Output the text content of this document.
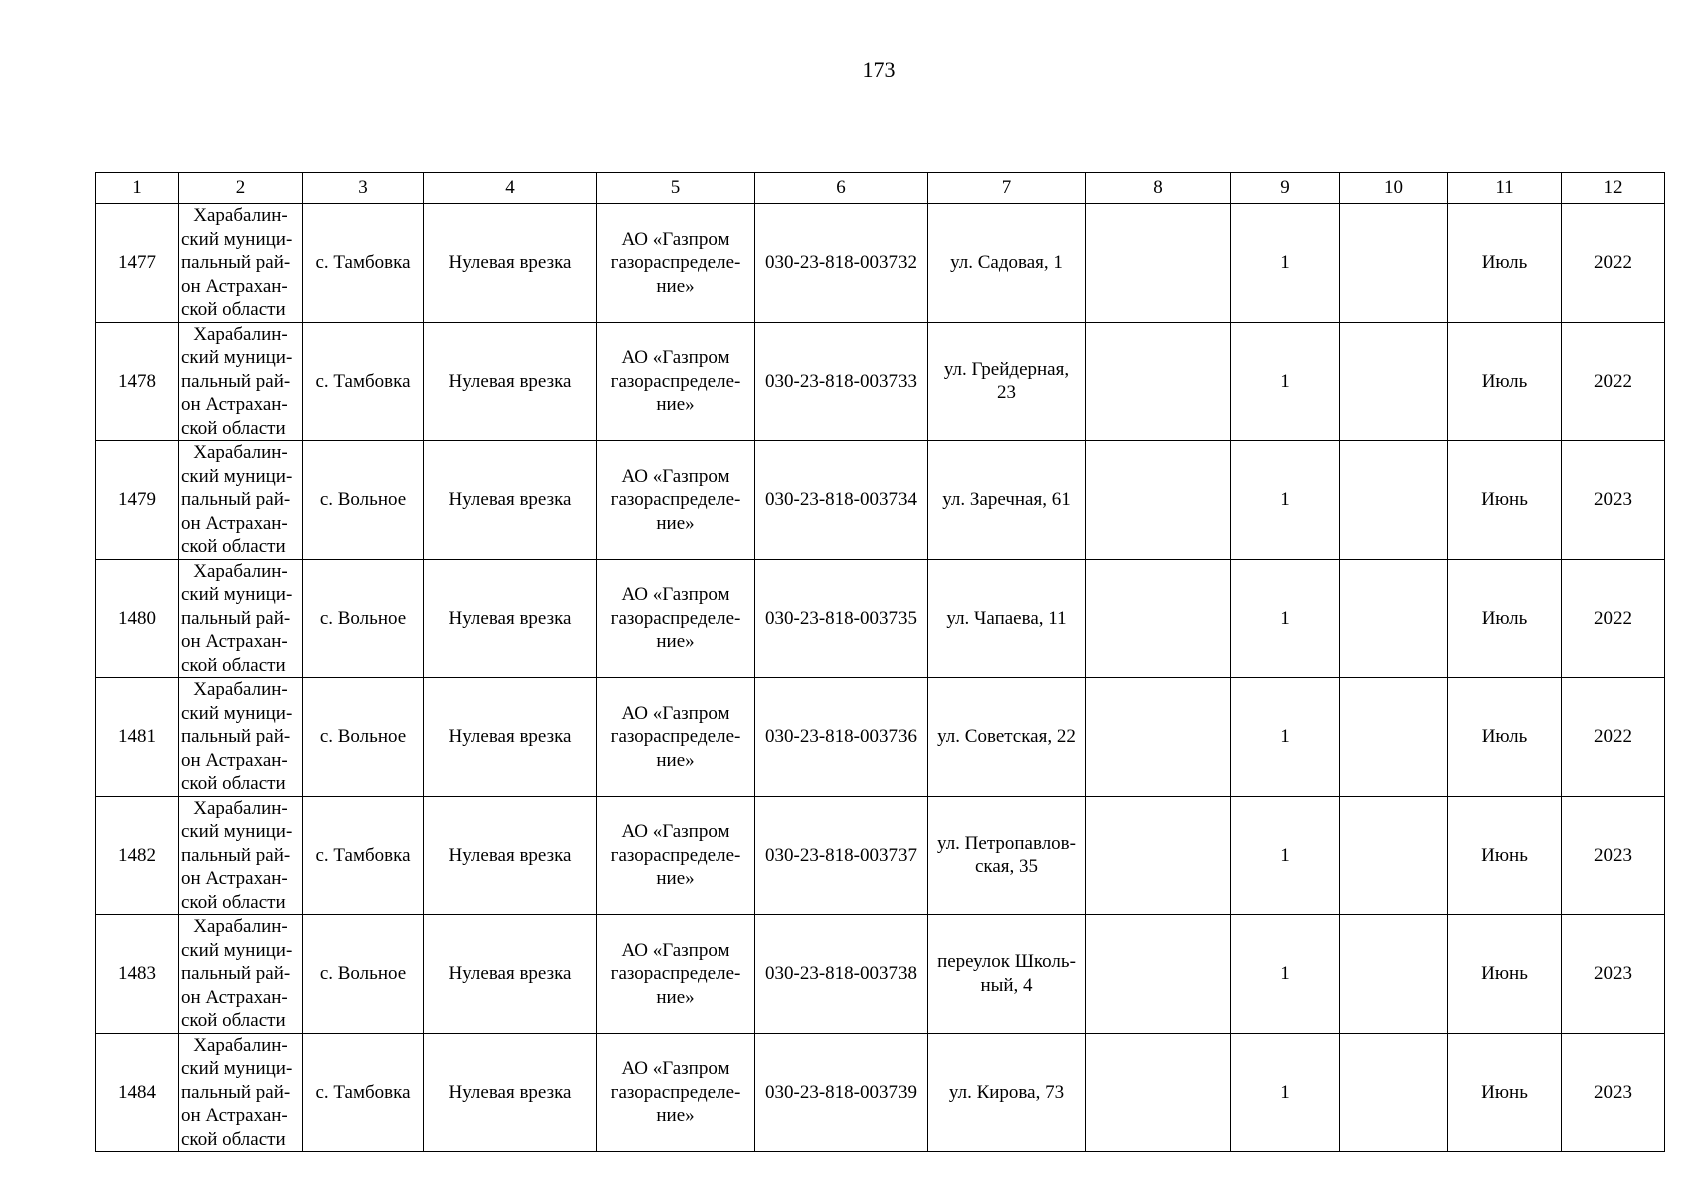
173
1	2	3	4	5	6	7	8	9	10	11	12
1477	Харабалин-
ский муници-
пальный рай-
он Астрахан-
ской области	с. Тамбовка	Нулевая врезка	АО «Газпром
газораспределе-
ние»	030-23-818-003732	ул. Садовая, 1		1		Июль	2022
1478	Харабалин-
ский муници-
пальный рай-
он Астрахан-
ской области	с. Тамбовка	Нулевая врезка	АО «Газпром
газораспределе-
ние»	030-23-818-003733	ул. Грейдерная,
23		1		Июль	2022
1479	Харабалин-
ский муници-
пальный рай-
он Астрахан-
ской области	с. Вольное	Нулевая врезка	АО «Газпром
газораспределе-
ние»	030-23-818-003734	ул. Заречная, 61		1		Июнь	2023
1480	Харабалин-
ский муници-
пальный рай-
он Астрахан-
ской области	с. Вольное	Нулевая врезка	АО «Газпром
газораспределе-
ние»	030-23-818-003735	ул. Чапаева, 11		1		Июль	2022
1481	Харабалин-
ский муници-
пальный рай-
он Астрахан-
ской области	с. Вольное	Нулевая врезка	АО «Газпром
газораспределе-
ние»	030-23-818-003736	ул. Советская, 22		1		Июль	2022
1482	Харабалин-
ский муници-
пальный рай-
он Астрахан-
ской области	с. Тамбовка	Нулевая врезка	АО «Газпром
газораспределе-
ние»	030-23-818-003737	ул. Петропавлов-
ская, 35		1		Июнь	2023
1483	Харабалин-
ский муници-
пальный рай-
он Астрахан-
ской области	с. Вольное	Нулевая врезка	АО «Газпром
газораспределе-
ние»	030-23-818-003738	переулок Школь-
ный, 4		1		Июнь	2023
1484	Харабалин-
ский муници-
пальный рай-
он Астрахан-
ской области	с. Тамбовка	Нулевая врезка	АО «Газпром
газораспределе-
ние»	030-23-818-003739	ул. Кирова, 73		1		Июнь	2023
